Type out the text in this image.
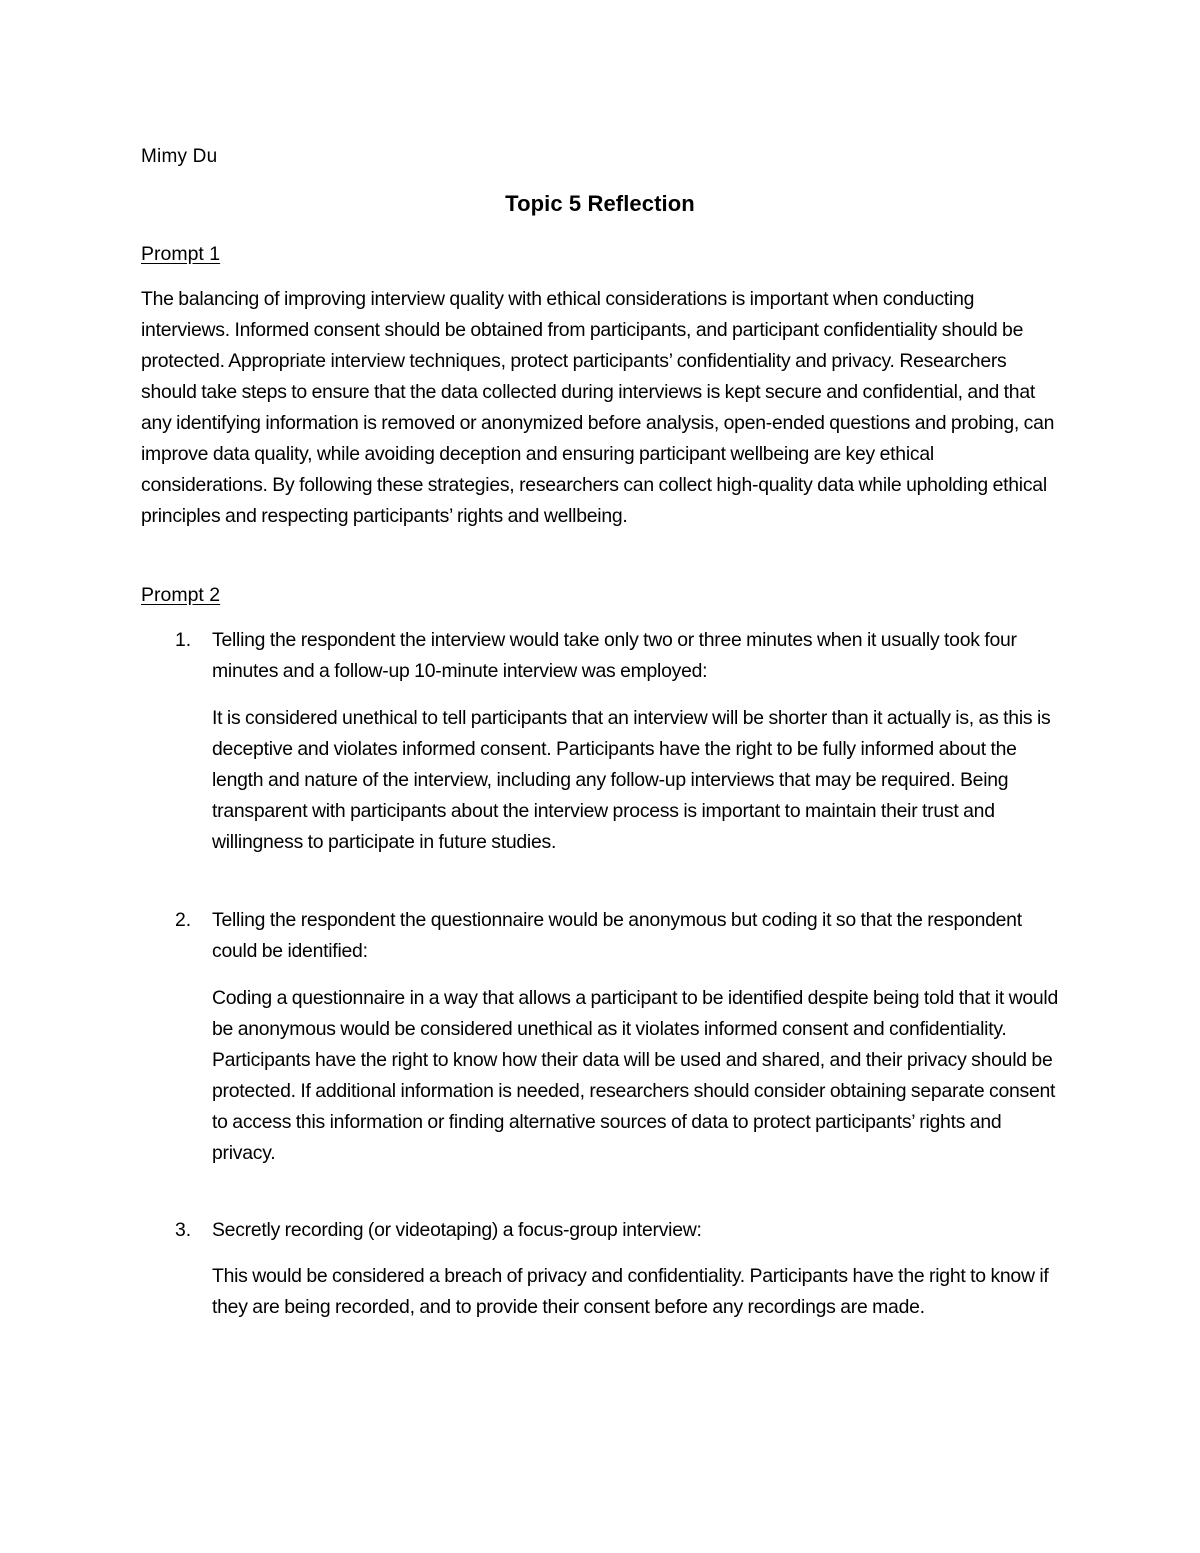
Mimy Du
Topic 5 Reflection
Prompt 1
The balancing of improving interview quality with ethical considerations is important when conducting interviews. Informed consent should be obtained from participants, and participant confidentiality should be protected. Appropriate interview techniques, protect participants’ confidentiality and privacy. Researchers should take steps to ensure that the data collected during interviews is kept secure and confidential, and that any identifying information is removed or anonymized before analysis, open-ended questions and probing, can improve data quality, while avoiding deception and ensuring participant wellbeing are key ethical considerations. By following these strategies, researchers can collect high-quality data while upholding ethical principles and respecting participants’ rights and wellbeing.
Prompt 2
1. Telling the respondent the interview would take only two or three minutes when it usually took four minutes and a follow-up 10-minute interview was employed:
It is considered unethical to tell participants that an interview will be shorter than it actually is, as this is deceptive and violates informed consent. Participants have the right to be fully informed about the length and nature of the interview, including any follow-up interviews that may be required. Being transparent with participants about the interview process is important to maintain their trust and willingness to participate in future studies.
2. Telling the respondent the questionnaire would be anonymous but coding it so that the respondent could be identified:
Coding a questionnaire in a way that allows a participant to be identified despite being told that it would be anonymous would be considered unethical as it violates informed consent and confidentiality. Participants have the right to know how their data will be used and shared, and their privacy should be protected. If additional information is needed, researchers should consider obtaining separate consent to access this information or finding alternative sources of data to protect participants’ rights and privacy.
3. Secretly recording (or videotaping) a focus-group interview:
This would be considered a breach of privacy and confidentiality. Participants have the right to know if they are being recorded, and to provide their consent before any recordings are made.
